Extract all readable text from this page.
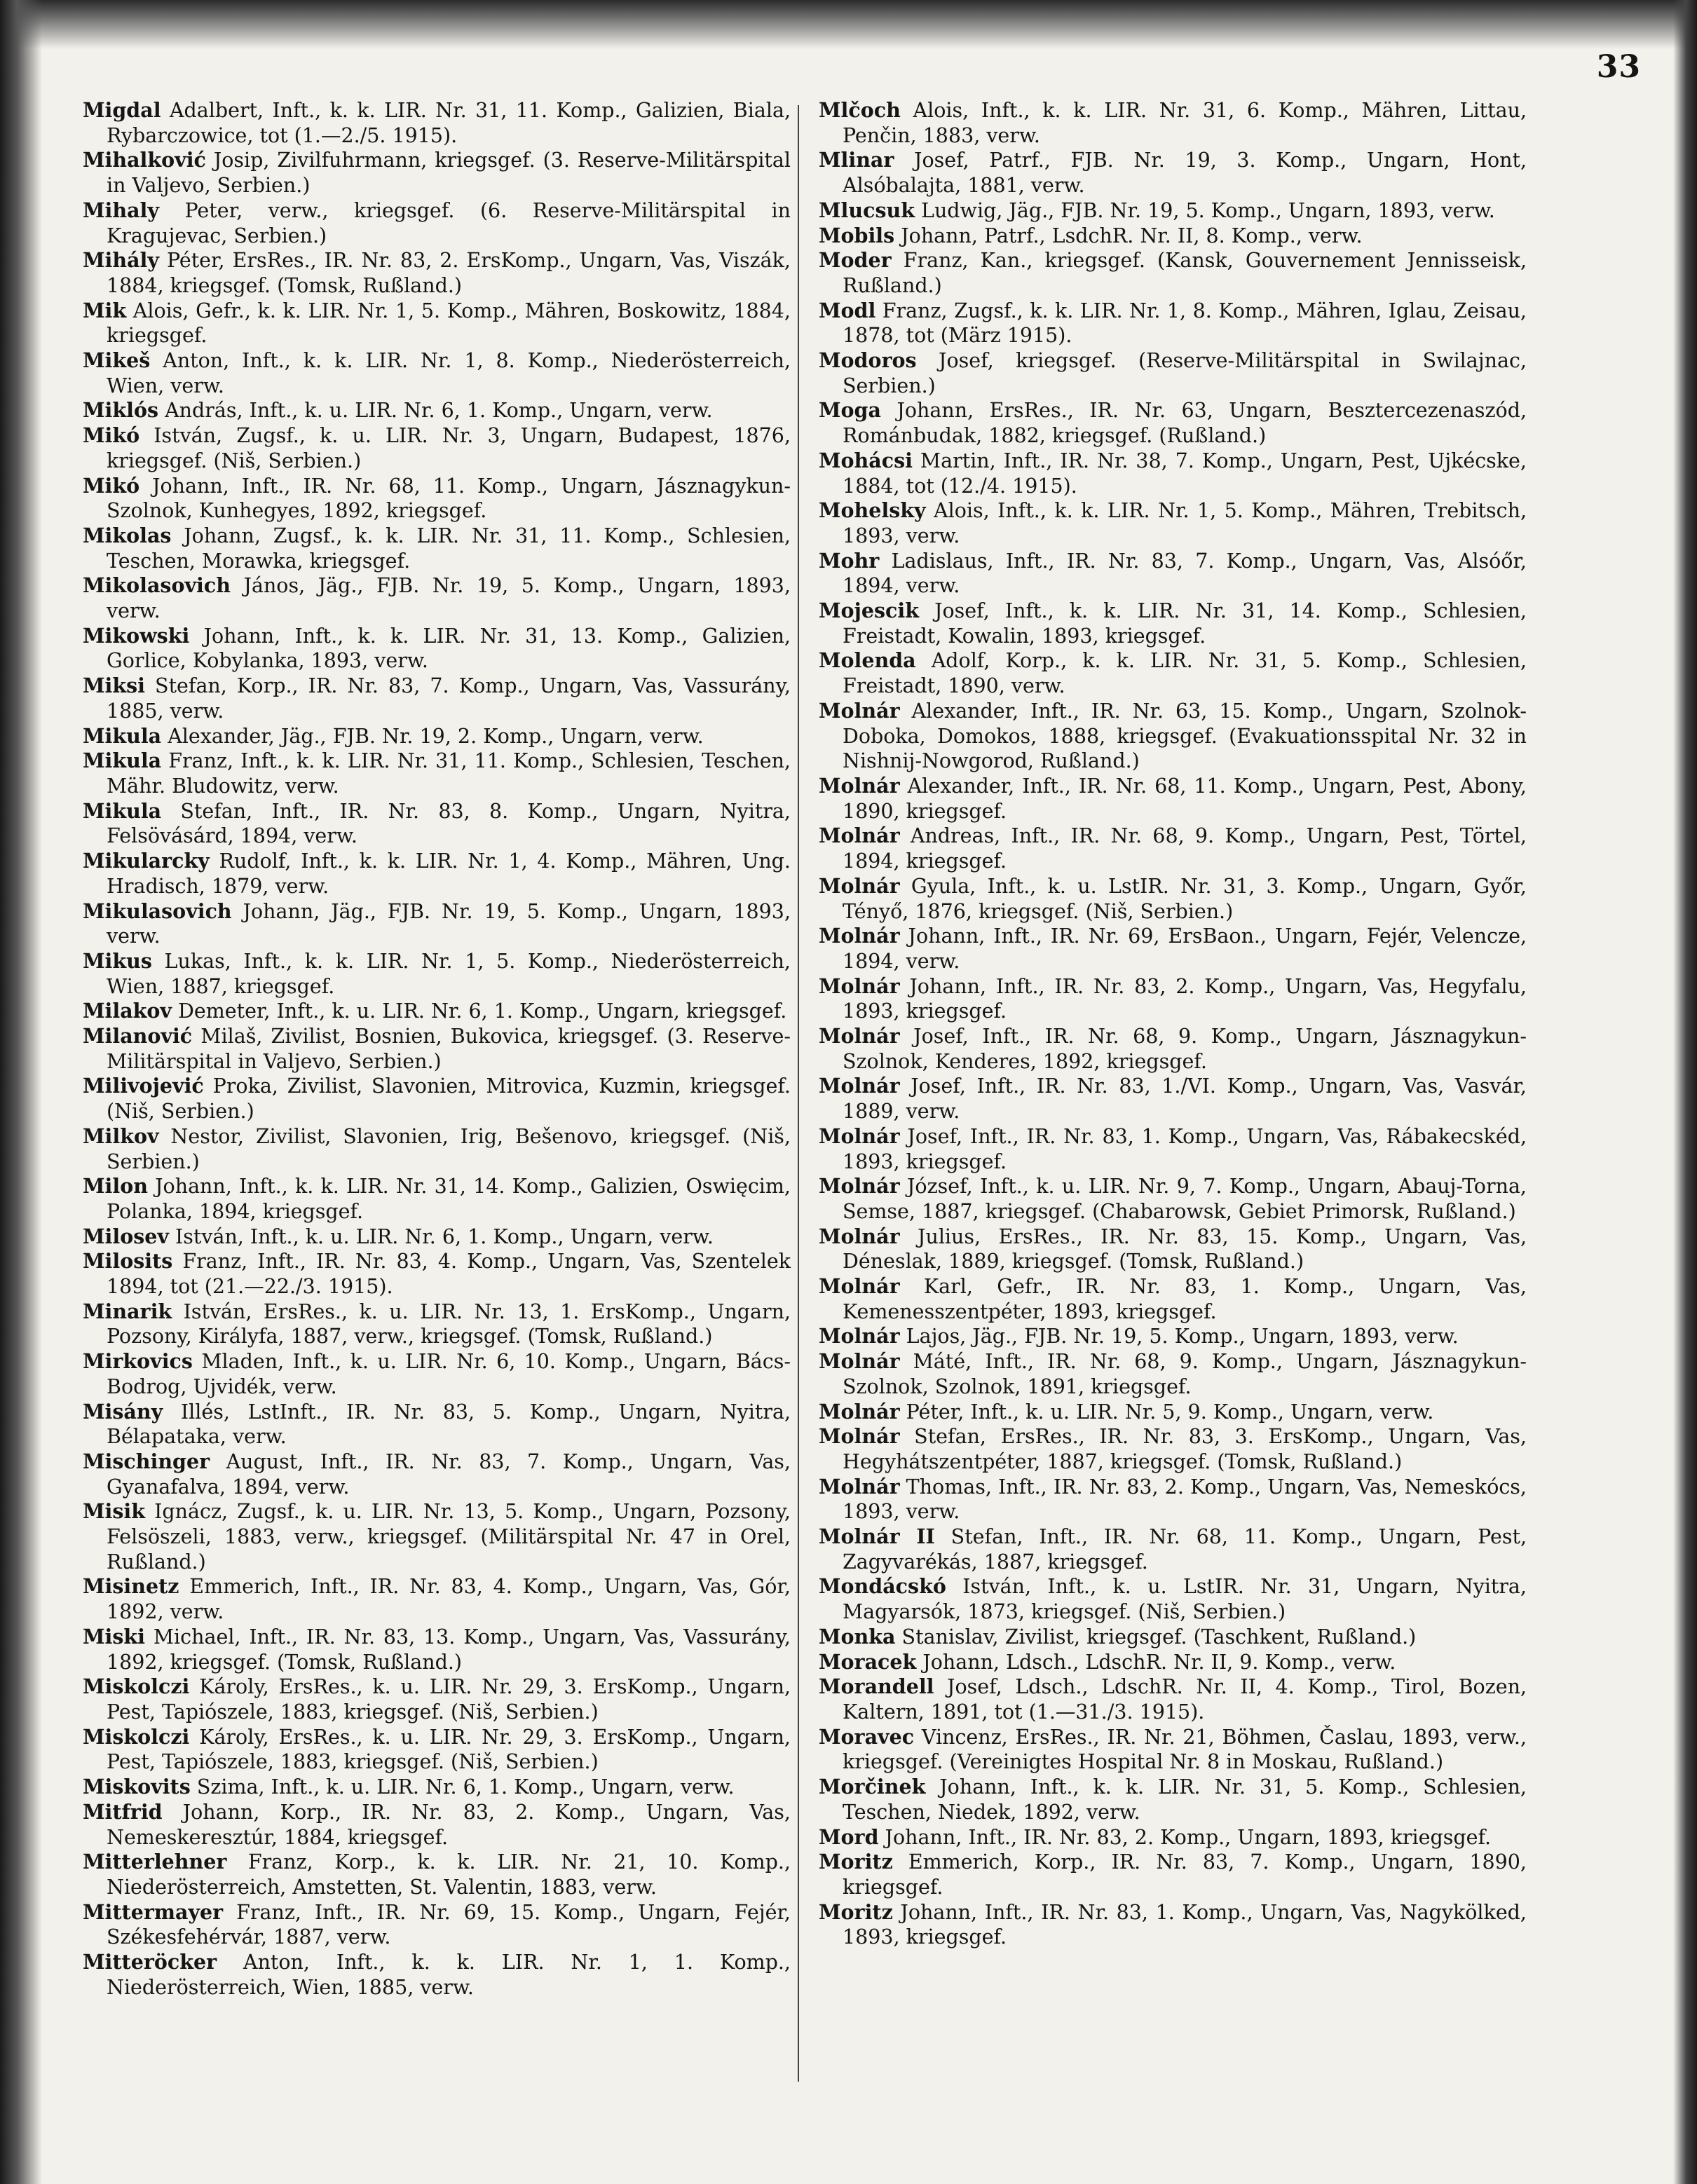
33

Migdal Adalbert, Inft., k. k. LIR. Nr. 31, 11. Komp., Galizien, Biala, Rybarczowice, tot (1.—2./5. 1915).

Mihalković Josip, Zivilfuhrmann, kriegsgef. (3. Reserve-Militärspital in Valjevo, Serbien.)

Mihaly Peter, verw., kriegsgef. (6. Reserve-Militärspital in Kragujevac, Serbien.)

Mihály Péter, ErsRes., IR. Nr. 83, 2. ErsKomp., Ungarn, Vas, Viszák, 1884, kriegsgef. (Tomsk, Rußland.)

Mik Alois, Gefr., k. k. LIR. Nr. 1, 5. Komp., Mähren, Boskowitz, 1884, kriegsgef.

Mikeš Anton, Inft., k. k. LIR. Nr. 1, 8. Komp., Niederösterreich, Wien, verw.

Miklós András, Inft., k. u. LIR. Nr. 6, 1. Komp., Ungarn, verw.

Mikó István, Zugsf., k. u. LIR. Nr. 3, Ungarn, Budapest, 1876, kriegsgef. (Niš, Serbien.)

Mikó Johann, Inft., IR. Nr. 68, 11. Komp., Ungarn, Jásznagykun-Szolnok, Kunhegyes, 1892, kriegsgef.

Mikolas Johann, Zugsf., k. k. LIR. Nr. 31, 11. Komp., Schlesien, Teschen, Morawka, kriegsgef.

Mikolasovich János, Jäg., FJB. Nr. 19, 5. Komp., Ungarn, 1893, verw.

Mikowski Johann, Inft., k. k. LIR. Nr. 31, 13. Komp., Galizien, Gorlice, Kobylanka, 1893, verw.

Miksi Stefan, Korp., IR. Nr. 83, 7. Komp., Ungarn, Vas, Vassurány, 1885, verw.

Mikula Alexander, Jäg., FJB. Nr. 19, 2. Komp., Ungarn, verw.

Mikula Franz, Inft., k. k. LIR. Nr. 31, 11. Komp., Schlesien, Teschen, Mähr. Bludowitz, verw.

Mikula Stefan, Inft., IR. Nr. 83, 8. Komp., Ungarn, Nyitra, Felsövásárd, 1894, verw.

Mikularcky Rudolf, Inft., k. k. LIR. Nr. 1, 4. Komp., Mähren, Ung. Hradisch, 1879, verw.

Mikulasovich Johann, Jäg., FJB. Nr. 19, 5. Komp., Ungarn, 1893, verw.

Mikus Lukas, Inft., k. k. LIR. Nr. 1, 5. Komp., Niederösterreich, Wien, 1887, kriegsgef.

Milakov Demeter, Inft., k. u. LIR. Nr. 6, 1. Komp., Ungarn, kriegsgef.

Milanović Milaš, Zivilist, Bosnien, Bukovica, kriegsgef. (3. Reserve-Militärspital in Valjevo, Serbien.)

Milivojević Proka, Zivilist, Slavonien, Mitrovica, Kuzmin, kriegsgef. (Niš, Serbien.)

Milkov Nestor, Zivilist, Slavonien, Irig, Bešenovo, kriegsgef. (Niš, Serbien.)

Milon Johann, Inft., k. k. LIR. Nr. 31, 14. Komp., Galizien, Oswięcim, Polanka, 1894, kriegsgef.

Milosev István, Inft., k. u. LIR. Nr. 6, 1. Komp., Ungarn, verw.

Milosits Franz, Inft., IR. Nr. 83, 4. Komp., Ungarn, Vas, Szentelek 1894, tot (21.—22./3. 1915).

Minarik István, ErsRes., k. u. LIR. Nr. 13, 1. ErsKomp., Ungarn, Pozsony, Királyfa, 1887, verw., kriegsgef. (Tomsk, Rußland.)

Mirkovics Mladen, Inft., k. u. LIR. Nr. 6, 10. Komp., Ungarn, Bács-Bodrog, Ujvidék, verw.

Misány Illés, LstInft., IR. Nr. 83, 5. Komp., Ungarn, Nyitra, Bélapataka, verw.

Mischinger August, Inft., IR. Nr. 83, 7. Komp., Ungarn, Vas, Gyanafalva, 1894, verw.

Misik Ignácz, Zugsf., k. u. LIR. Nr. 13, 5. Komp., Ungarn, Pozsony, Felsöszeli, 1883, verw., kriegsgef. (Militärspital Nr. 47 in Orel, Rußland.)

Misinetz Emmerich, Inft., IR. Nr. 83, 4. Komp., Ungarn, Vas, Gór, 1892, verw.

Miski Michael, Inft., IR. Nr. 83, 13. Komp., Ungarn, Vas, Vassurány, 1892, kriegsgef. (Tomsk, Rußland.)

Miskolczi Károly, ErsRes., k. u. LIR. Nr. 29, 3. ErsKomp., Ungarn, Pest, Tapiószele, 1883, kriegsgef. (Niš, Serbien.)

Miskolczi Károly, ErsRes., k. u. LIR. Nr. 29, 3. ErsKomp., Ungarn, Pest, Tapiószele, 1883, kriegsgef. (Niš, Serbien.)

Miskovits Szima, Inft., k. u. LIR. Nr. 6, 1. Komp., Ungarn, verw.

Mitfrid Johann, Korp., IR. Nr. 83, 2. Komp., Ungarn, Vas, Nemeskeresztúr, 1884, kriegsgef.

Mitterlehner Franz, Korp., k. k. LIR. Nr. 21, 10. Komp., Niederösterreich, Amstetten, St. Valentin, 1883, verw.

Mittermayer Franz, Inft., IR. Nr. 69, 15. Komp., Ungarn, Fejér, Székesfehérvár, 1887, verw.

Mitteröcker Anton, Inft., k. k. LIR. Nr. 1, 1. Komp., Niederösterreich, Wien, 1885, verw.

Mlčoch Alois, Inft., k. k. LIR. Nr. 31, 6. Komp., Mähren, Littau, Penčin, 1883, verw.

Mlinar Josef, Patrf., FJB. Nr. 19, 3. Komp., Ungarn, Hont, Alsóbalajta, 1881, verw.

Mlucsuk Ludwig, Jäg., FJB. Nr. 19, 5. Komp., Ungarn, 1893, verw.

Mobils Johann, Patrf., LsdchR. Nr. II, 8. Komp., verw.

Moder Franz, Kan., kriegsgef. (Kansk, Gouvernement Jennisseisk, Rußland.)

Modl Franz, Zugsf., k. k. LIR. Nr. 1, 8. Komp., Mähren, Iglau, Zeisau, 1878, tot (März 1915).

Modoros Josef, kriegsgef. (Reserve-Militärspital in Swilajnac, Serbien.)

Moga Johann, ErsRes., IR. Nr. 63, Ungarn, Besztercezenaszód, Románbudak, 1882, kriegsgef. (Rußland.)

Mohácsi Martin, Inft., IR. Nr. 38, 7. Komp., Ungarn, Pest, Ujkécske, 1884, tot (12./4. 1915).

Mohelsky Alois, Inft., k. k. LIR. Nr. 1, 5. Komp., Mähren, Trebitsch, 1893, verw.

Mohr Ladislaus, Inft., IR. Nr. 83, 7. Komp., Ungarn, Vas, Alsóőr, 1894, verw.

Mojescik Josef, Inft., k. k. LIR. Nr. 31, 14. Komp., Schlesien, Freistadt, Kowalin, 1893, kriegsgef.

Molenda Adolf, Korp., k. k. LIR. Nr. 31, 5. Komp., Schlesien, Freistadt, 1890, verw.

Molnár Alexander, Inft., IR. Nr. 63, 15. Komp., Ungarn, Szolnok-Doboka, Domokos, 1888, kriegsgef. (Evakuationsspital Nr. 32 in Nishnij-Nowgorod, Rußland.)

Molnár Alexander, Inft., IR. Nr. 68, 11. Komp., Ungarn, Pest, Abony, 1890, kriegsgef.

Molnár Andreas, Inft., IR. Nr. 68, 9. Komp., Ungarn, Pest, Törtel, 1894, kriegsgef.

Molnár Gyula, Inft., k. u. LstIR. Nr. 31, 3. Komp., Ungarn, Győr, Tényő, 1876, kriegsgef. (Niš, Serbien.)

Molnár Johann, Inft., IR. Nr. 69, ErsBaon., Ungarn, Fejér, Velencze, 1894, verw.

Molnár Johann, Inft., IR. Nr. 83, 2. Komp., Ungarn, Vas, Hegyfalu, 1893, kriegsgef.

Molnár Josef, Inft., IR. Nr. 68, 9. Komp., Ungarn, Jásznagykun-Szolnok, Kenderes, 1892, kriegsgef.

Molnár Josef, Inft., IR. Nr. 83, 1./VI. Komp., Ungarn, Vas, Vasvár, 1889, verw.

Molnár Josef, Inft., IR. Nr. 83, 1. Komp., Ungarn, Vas, Rábakecskéd, 1893, kriegsgef.

Molnár József, Inft., k. u. LIR. Nr. 9, 7. Komp., Ungarn, Abauj-Torna, Semse, 1887, kriegsgef. (Chabarowsk, Gebiet Primorsk, Rußland.)

Molnár Julius, ErsRes., IR. Nr. 83, 15. Komp., Ungarn, Vas, Déneslak, 1889, kriegsgef. (Tomsk, Rußland.)

Molnár Karl, Gefr., IR. Nr. 83, 1. Komp., Ungarn, Vas, Kemenesszentpéter, 1893, kriegsgef.

Molnár Lajos, Jäg., FJB. Nr. 19, 5. Komp., Ungarn, 1893, verw.

Molnár Máté, Inft., IR. Nr. 68, 9. Komp., Ungarn, Jásznagykun-Szolnok, Szolnok, 1891, kriegsgef.

Molnár Péter, Inft., k. u. LIR. Nr. 5, 9. Komp., Ungarn, verw.

Molnár Stefan, ErsRes., IR. Nr. 83, 3. ErsKomp., Ungarn, Vas, Hegyhátszentpéter, 1887, kriegsgef. (Tomsk, Rußland.)

Molnár Thomas, Inft., IR. Nr. 83, 2. Komp., Ungarn, Vas, Nemeskócs, 1893, verw.

Molnár II Stefan, Inft., IR. Nr. 68, 11. Komp., Ungarn, Pest, Zagyvarékás, 1887, kriegsgef.

Mondácskó István, Inft., k. u. LstIR. Nr. 31, Ungarn, Nyitra, Magyarsók, 1873, kriegsgef. (Niš, Serbien.)

Monka Stanislav, Zivilist, kriegsgef. (Taschkent, Rußland.)

Moracek Johann, Ldsch., LdschR. Nr. II, 9. Komp., verw.

Morandell Josef, Ldsch., LdschR. Nr. II, 4. Komp., Tirol, Bozen, Kaltern, 1891, tot (1.—31./3. 1915).

Moravec Vincenz, ErsRes., IR. Nr. 21, Böhmen, Časlau, 1893, verw., kriegsgef. (Vereinigtes Hospital Nr. 8 in Moskau, Rußland.)

Morčinek Johann, Inft., k. k. LIR. Nr. 31, 5. Komp., Schlesien, Teschen, Niedek, 1892, verw.

Mord Johann, Inft., IR. Nr. 83, 2. Komp., Ungarn, 1893, kriegsgef.

Moritz Emmerich, Korp., IR. Nr. 83, 7. Komp., Ungarn, 1890, kriegsgef.

Moritz Johann, Inft., IR. Nr. 83, 1. Komp., Ungarn, Vas, Nagykölked, 1893, kriegsgef.
